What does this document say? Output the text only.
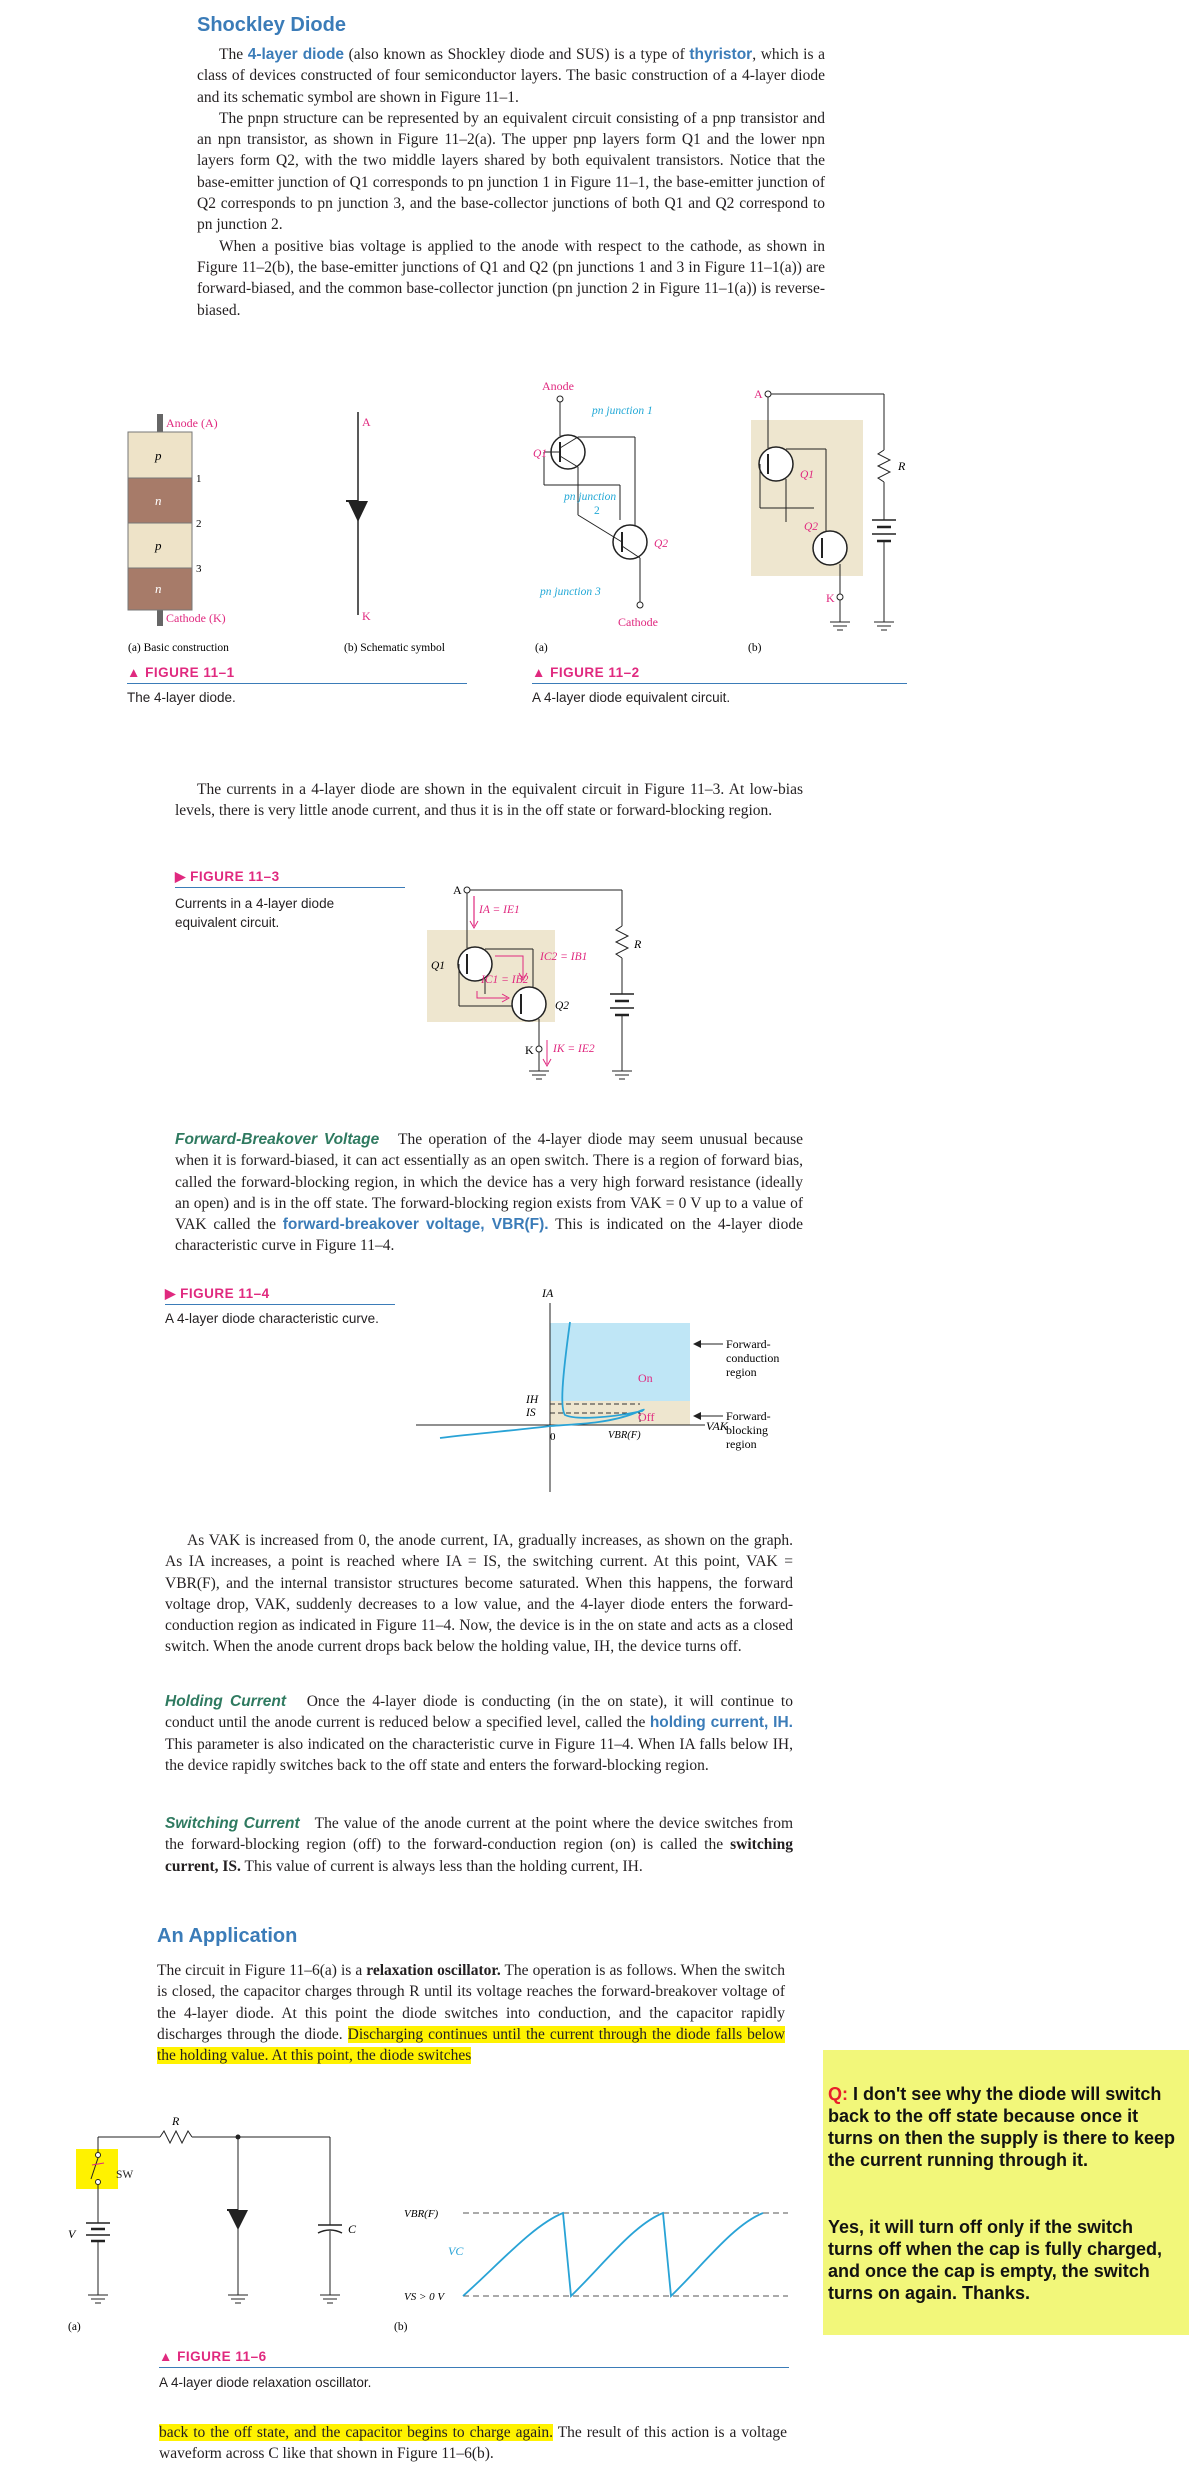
Shockley Diode

The 4-layer diode (also known as Shockley diode and SUS) is a type of thyristor, which is a class of devices constructed of four semiconductor layers. The basic construction of a 4-layer diode and its schematic symbol are shown in Figure 11–1.

The pnpn structure can be represented by an equivalent circuit consisting of a pnp transistor and an npn transistor, as shown in Figure 11–2(a). The upper pnp layers form Q1 and the lower npn layers form Q2, with the two middle layers shared by both equivalent transistors. Notice that the base-emitter junction of Q1 corresponds to pn junction 1 in Figure 11–1, the base-emitter junction of Q2 corresponds to pn junction 3, and the base-collector junctions of both Q1 and Q2 correspond to pn junction 2.

When a positive bias voltage is applied to the anode with respect to the cathode, as shown in Figure 11–2(b), the base-emitter junctions of Q1 and Q2 (pn junctions 1 and 3 in Figure 11–1(a)) are forward-biased, and the common base-collector junction (pn junction 2 in Figure 11–1(a)) is reverse-biased.

p
n
p
n
1
2
3
Anode (A)
Cathode (K)
(a) Basic construction
A
K
(b) Schematic symbol
Anode
Cathode
Q1
Q2
pn junction 1
pn junction
2
pn junction 3
(a)
A
K
R
Q1
Q2
(b)
▲ FIGURE 11–1
The 4-layer diode.
▲ FIGURE 11–2
A 4-layer diode equivalent circuit.

The currents in a 4-layer diode are shown in the equivalent circuit in Figure 11–3. At low-bias levels, there is very little anode current, and thus it is in the off state or forward-blocking region.

▶ FIGURE 11–3
Currents in a 4-layer diode equivalent circuit.
A
IA = IE1
Q1
IC2 = IB1
IC1 = IB2
Q2
K IK = IE2
R

Forward-Breakover Voltage The operation of the 4-layer diode may seem unusual because when it is forward-biased, it can act essentially as an open switch. There is a region of forward bias, called the forward-blocking region, in which the device has a very high forward resistance (ideally an open) and is in the off state. The forward-blocking region exists from VAK = 0 V up to a value of VAK called the forward-breakover voltage, VBR(F). This is indicated on the 4-layer diode characteristic curve in Figure 11–4.

▶ FIGURE 11–4
A 4-layer diode characteristic curve.
IA
VAK
0
IH
IS
On
Off
VBR(F)
Forward-
conduction
region
Forward-
blocking
region

As VAK is increased from 0, the anode current, IA, gradually increases, as shown on the graph. As IA increases, a point is reached where IA = IS, the switching current. At this point, VAK = VBR(F), and the internal transistor structures become saturated. When this happens, the forward voltage drop, VAK, suddenly decreases to a low value, and the 4-layer diode enters the forward-conduction region as indicated in Figure 11–4. Now, the device is in the on state and acts as a closed switch. When the anode current drops back below the holding value, IH, the device turns off.

Holding Current Once the 4-layer diode is conducting (in the on state), it will continue to conduct until the anode current is reduced below a specified level, called the holding current, IH. This parameter is also indicated on the characteristic curve in Figure 11–4. When IA falls below IH, the device rapidly switches back to the off state and enters the forward-blocking region.

Switching Current The value of the anode current at the point where the device switches from the forward-blocking region (off) to the forward-conduction region (on) is called the switching current, IS. This value of current is always less than the holding current, IH.

An Application

The circuit in Figure 11–6(a) is a relaxation oscillator. The operation is as follows. When the switch is closed, the capacitor charges through R until its voltage reaches the forward-breakover voltage of the 4-layer diode. At this point the diode switches into conduction, and the capacitor rapidly discharges through the diode. Discharging continues until the current through the diode falls below the holding value. At this point, the diode switches

SW
V
R
C
(a)
VBR(F)
VS > 0 V
VC
(b)
▲ FIGURE 11–6
A 4-layer diode relaxation oscillator.

back to the off state, and the capacitor begins to charge again. The result of this action is a voltage waveform across C like that shown in Figure 11–6(b).

Q: I don't see why the diode will switch back to the off state because once it turns on then the supply is there to keep the current running through it.
Yes, it will turn off only if the switch turns off when the cap is fully charged, and once the cap is empty, the switch turns on again. Thanks.
